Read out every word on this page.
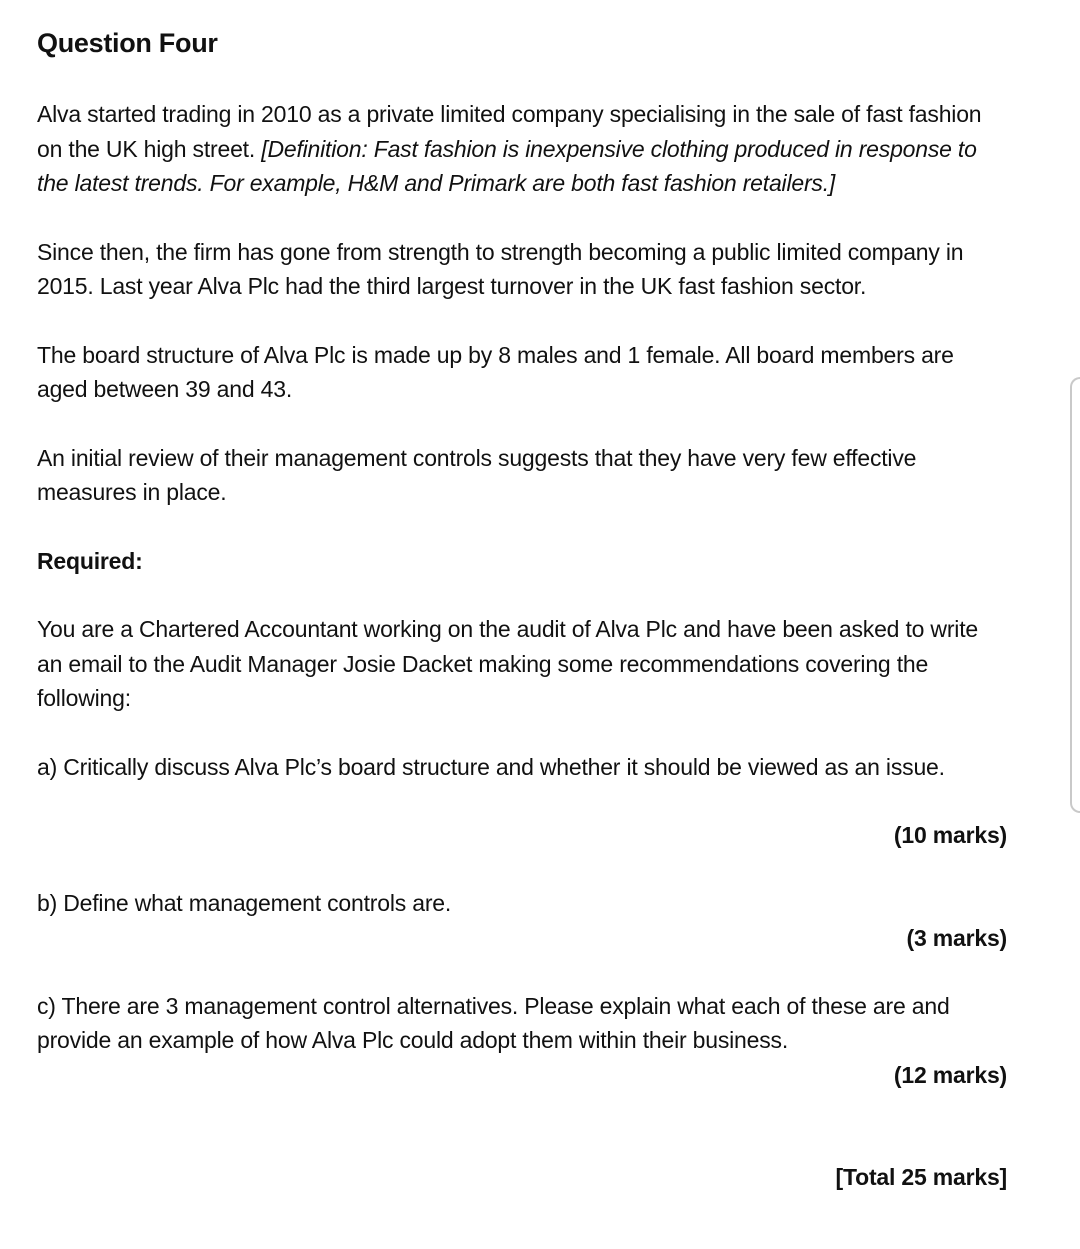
Question Four

Alva started trading in 2010 as a private limited company specialising in the sale of fast fashion on the UK high street. [Definition: Fast fashion is inexpensive clothing produced in response to the latest trends. For example, H&M and Primark are both fast fashion retailers.]

Since then, the firm has gone from strength to strength becoming a public limited company in 2015. Last year Alva Plc had the third largest turnover in the UK fast fashion sector.

The board structure of Alva Plc is made up by 8 males and 1 female. All board members are aged between 39 and 43.

An initial review of their management controls suggests that they have very few effective measures in place.

Required:

You are a Chartered Accountant working on the audit of Alva Plc and have been asked to write an email to the Audit Manager Josie Dacket making some recommendations covering the following:

a) Critically discuss Alva Plc’s board structure and whether it should be viewed as an issue.

(10 marks)

b) Define what management controls are.

(3 marks)

c) There are 3 management control alternatives. Please explain what each of these are and provide an example of how Alva Plc could adopt them within their business.

(12 marks)

[Total 25 marks]
